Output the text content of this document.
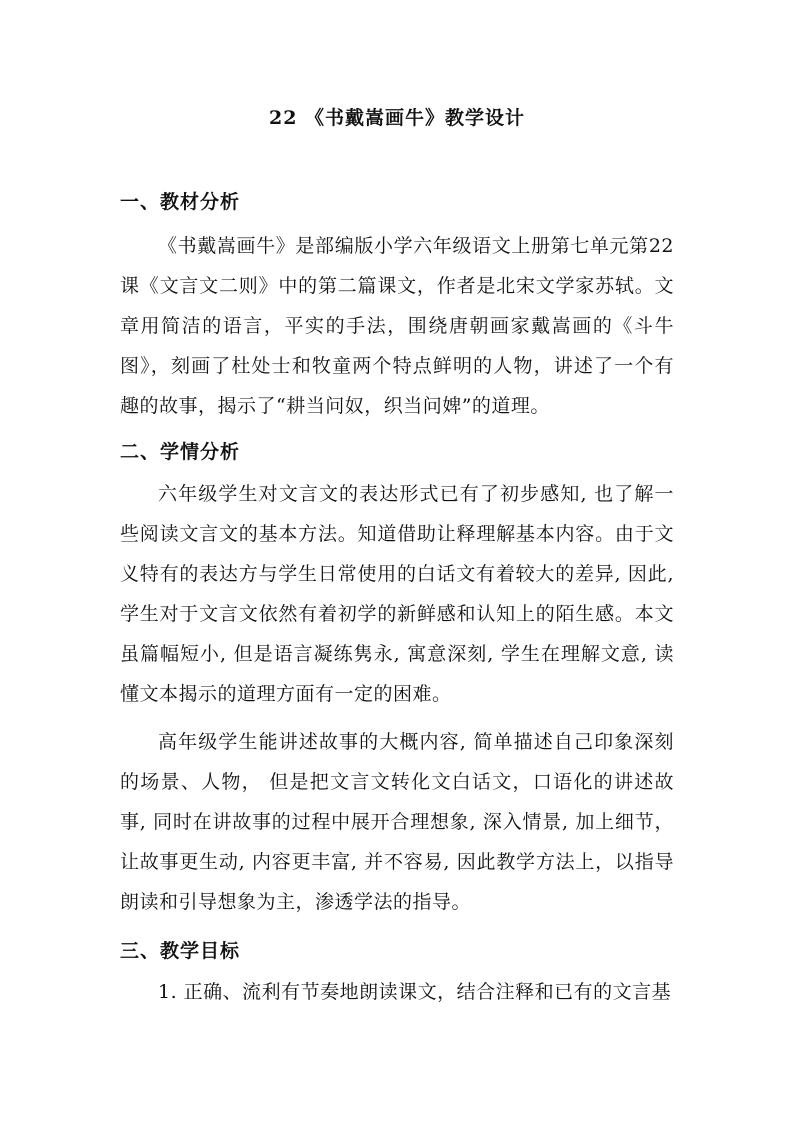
22 《书戴嵩画牛》教学设计
一、教材分析
《书戴嵩画牛》是部编版小学六年级语文上册第七单元第22课《文言文二则》中的第二篇课文，作者是北宋文学家苏轼。文章用简洁的语言，平实的手法，围绕唐朝画家戴嵩画的《斗牛图》，刻画了杜处士和牧童两个特点鲜明的人物，讲述了一个有趣的故事，揭示了“耕当问奴，织当问婢”的道理。
二、学情分析
六年级学生对文言文的表达形式已有了初步感知, 也了解一些阅读文言文的基本方法。知道借助让释理解基本内容。由于文义特有的表达方与学生日常使用的白话文有着较大的差异, 因此, 学生对于文言文依然有着初学的新鲜感和认知上的陌生感。本文虽篇幅短小, 但是语言凝练隽永, 寓意深刻, 学生在理解文意, 读懂文本揭示的道理方面有一定的困难。
高年级学生能讲述故事的大概内容, 简单描述自己印象深刻的场景、人物， 但是把文言文转化文白话文，口语化的讲述故事, 同时在讲故事的过程中展开合理想象, 深入情景, 加上细节，让故事更生动, 内容更丰富, 并不容易, 因此教学方法上，以指导朗读和引导想象为主，渗透学法的指导。
三、教学目标
1. 正确、流利有节奏地朗读课文，结合注释和已有的文言基
